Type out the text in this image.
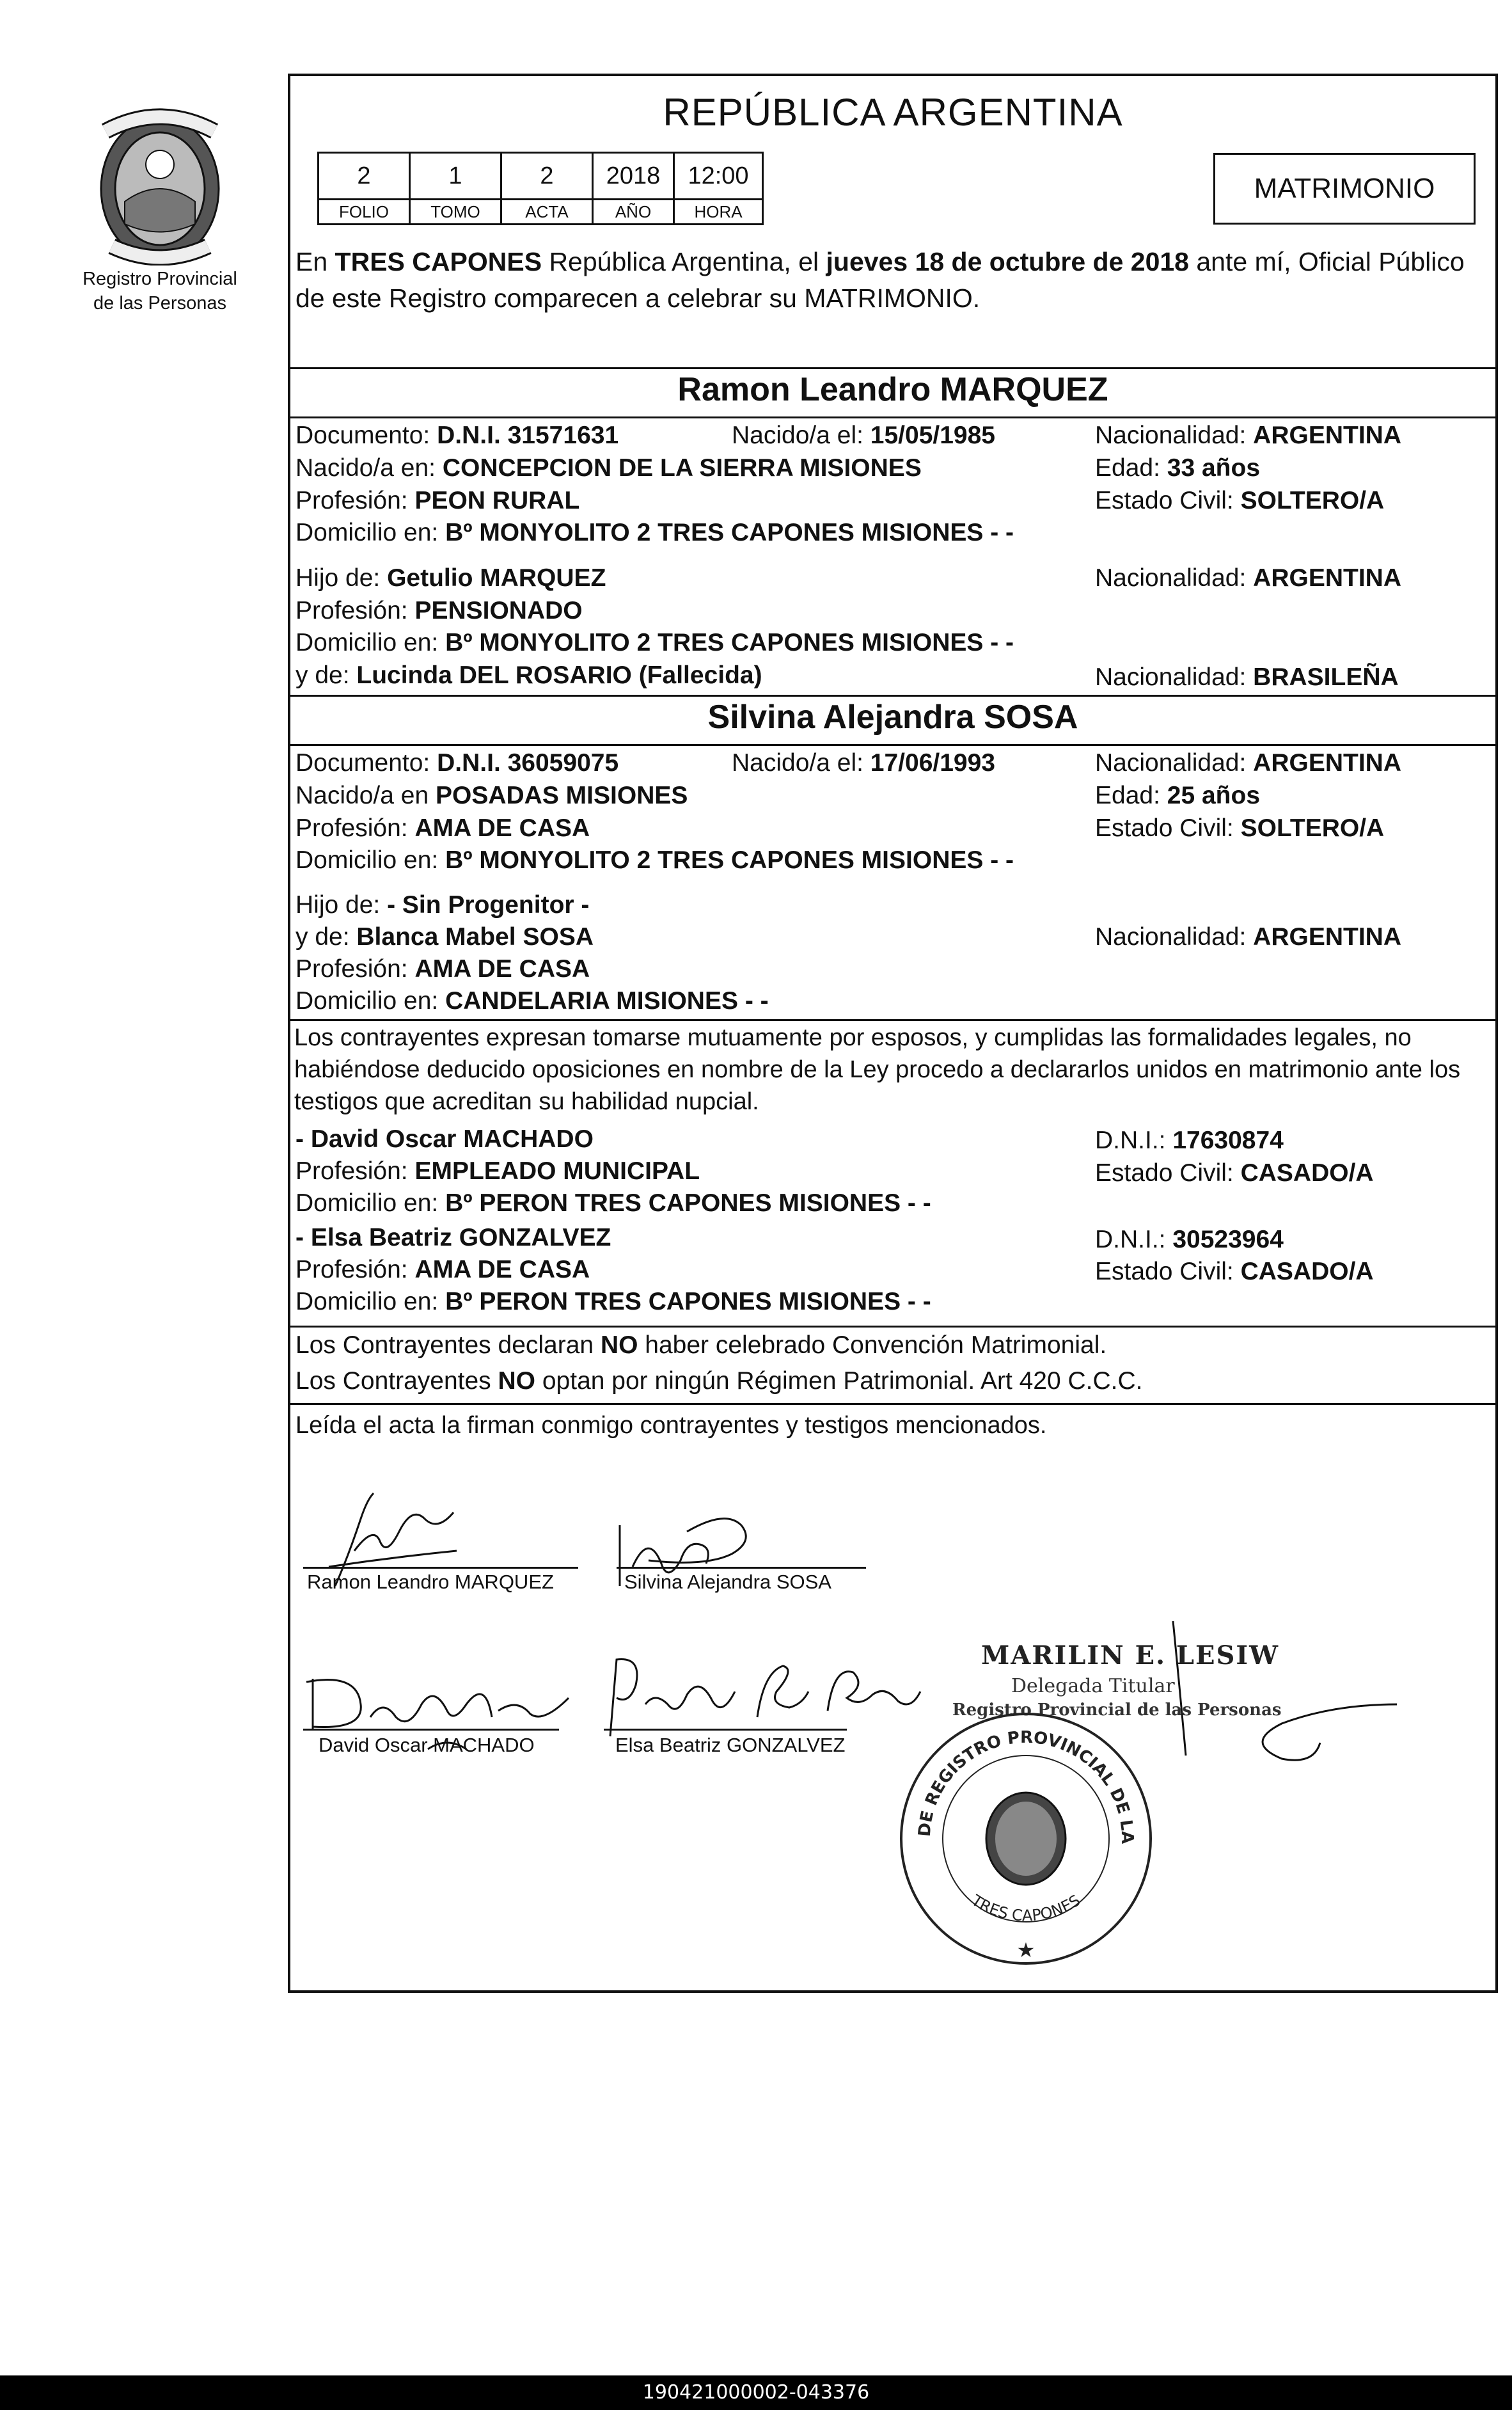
Registro Provincial
de las Personas
REPÚBLICA ARGENTINA
2	1	2	2018	12:00
FOLIO	TOMO	ACTA	AÑO	HORA
MATRIMONIO
En TRES CAPONES República Argentina, el jueves 18 de octubre de 2018 ante mí, Oficial Público de este Registro comparecen a celebrar su MATRIMONIO.
Ramon Leandro MARQUEZ
Documento: D.N.I. 31571631	Nacido/a el: 15/05/1985	Nacionalidad: ARGENTINA
Nacido/a en: CONCEPCION DE LA SIERRA MISIONES	Edad: 33 años
Profesión: PEON RURAL	Estado Civil: SOLTERO/A
Domicilio en: Bº MONYOLITO 2 TRES CAPONES MISIONES - -
Hijo de: Getulio MARQUEZ	Nacionalidad: ARGENTINA
Profesión: PENSIONADO
Domicilio en: Bº MONYOLITO 2 TRES CAPONES MISIONES - -
y de: Lucinda DEL ROSARIO (Fallecida)	Nacionalidad: BRASILEÑA
Silvina Alejandra SOSA
Documento: D.N.I. 36059075	Nacido/a el: 17/06/1993	Nacionalidad: ARGENTINA
Nacido/a en POSADAS MISIONES	Edad: 25 años
Profesión: AMA DE CASA	Estado Civil: SOLTERO/A
Domicilio en: Bº MONYOLITO 2 TRES CAPONES MISIONES - -
Hijo de: - Sin Progenitor -
y de: Blanca Mabel SOSA	Nacionalidad: ARGENTINA
Profesión: AMA DE CASA
Domicilio en: CANDELARIA MISIONES - -
Los contrayentes expresan tomarse mutuamente por esposos, y cumplidas las formalidades legales, no habiéndose deducido oposiciones en nombre de la Ley procedo a declararlos unidos en matrimonio ante los testigos que acreditan su habilidad nupcial.
- David Oscar MACHADO	D.N.I.: 17630874
Profesión: EMPLEADO MUNICIPAL	Estado Civil: CASADO/A
Domicilio en: Bº PERON TRES CAPONES MISIONES - -
- Elsa Beatriz GONZALVEZ	D.N.I.: 30523964
Profesión: AMA DE CASA	Estado Civil: CASADO/A
Domicilio en: Bº PERON TRES CAPONES MISIONES - -
Los Contrayentes declaran NO haber celebrado Convención Matrimonial.
Los Contrayentes NO optan por ningún Régimen Patrimonial. Art 420 C.C.C.
Leída el acta la firman conmigo contrayentes y testigos mencionados.
Ramon Leandro MARQUEZ	Silvina Alejandra SOSA
David Oscar MACHADO	Elsa Beatriz GONZALVEZ
MARILIN E. LESIW
Delegada Titular
Registro Provincial de las Personas
DELEGACION DE REGISTRO PROVINCIAL DE LAS PERSONAS
TRES CAPONES
★
190421000002-043376
